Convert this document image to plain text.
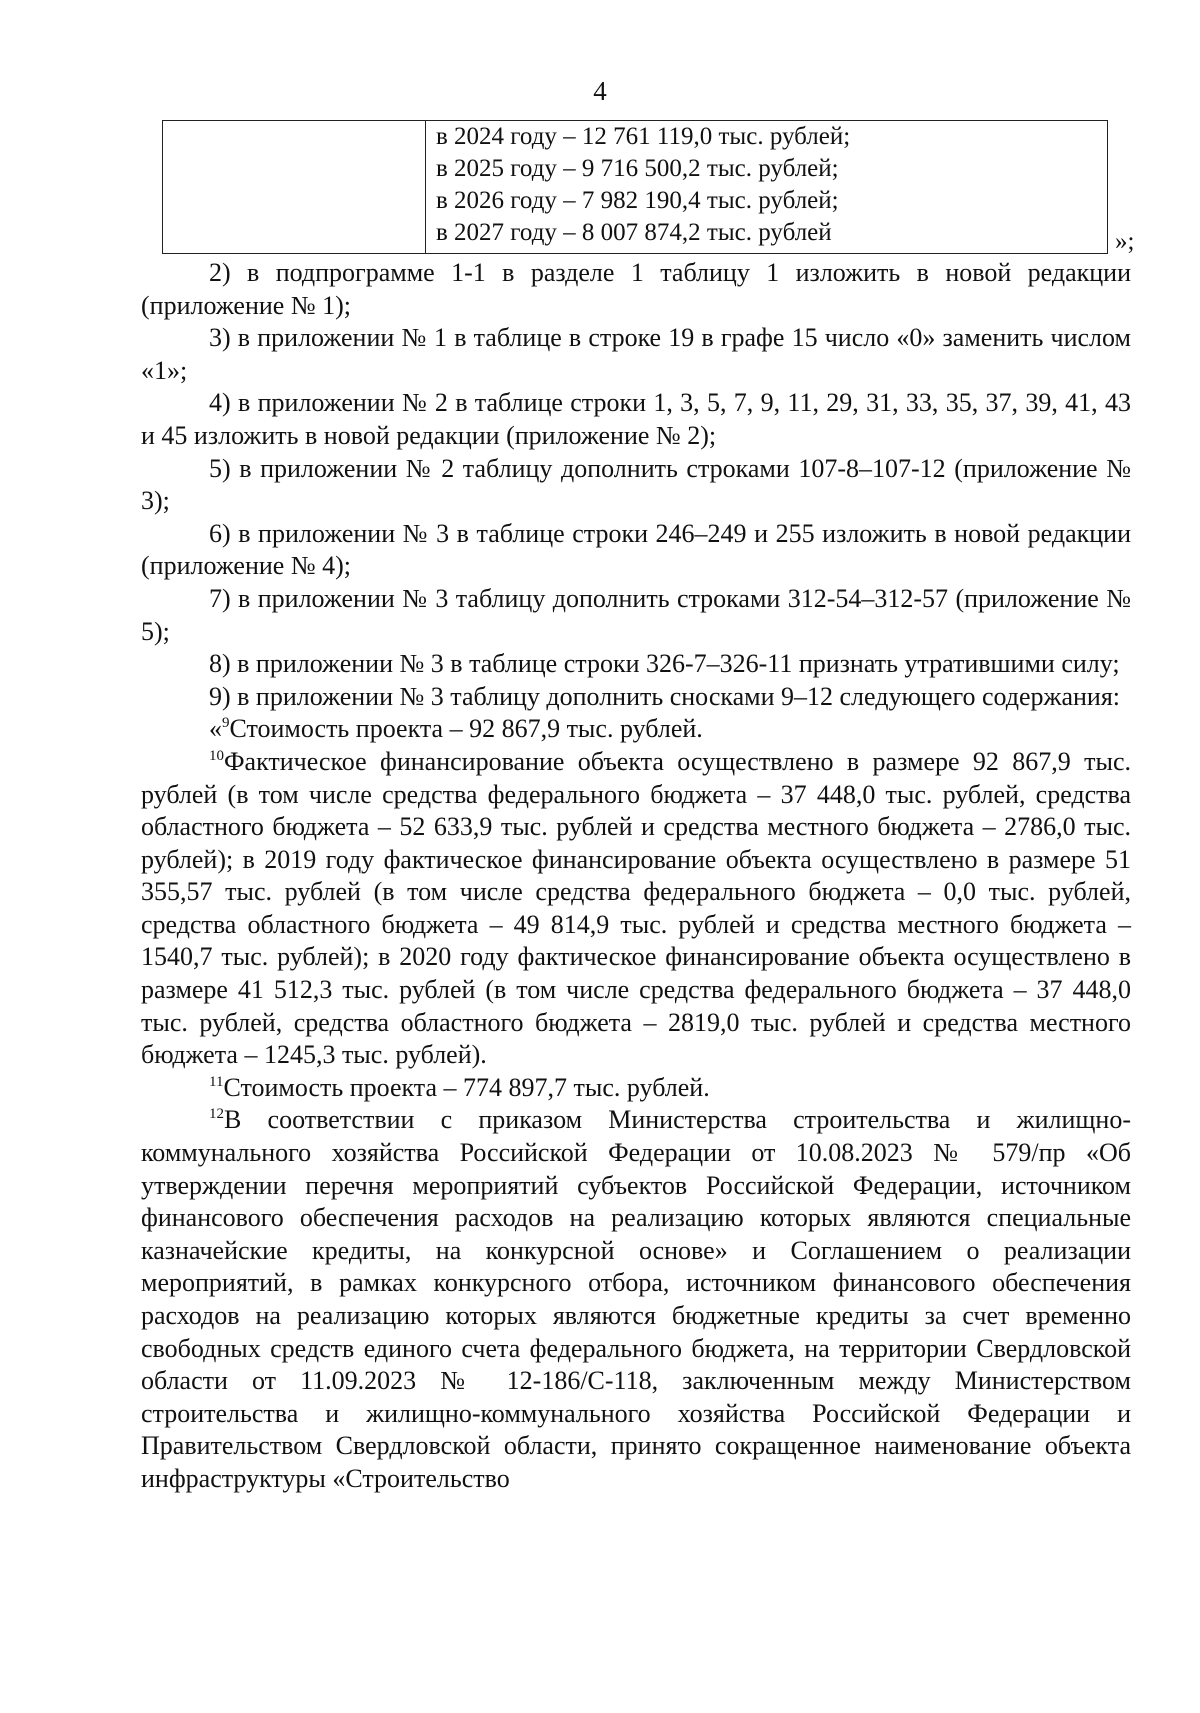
4

в 2024 году – 12 761 119,0 тыс. рублей;
в 2025 году – 9 716 500,2 тыс. рублей;
в 2026 году – 7 982 190,4 тыс. рублей;
в 2027 году – 8 007 874,2 тыс. рублей	»;

2) в подпрограмме 1-1 в разделе 1 таблицу 1 изложить в новой редакции (приложение № 1);

3) в приложении № 1 в таблице в строке 19 в графе 15 число «0» заменить числом «1»;

4) в приложении № 2 в таблице строки 1, 3, 5, 7, 9, 11, 29, 31, 33, 35, 37, 39, 41, 43 и 45 изложить в новой редакции (приложение № 2);

5) в приложении № 2 таблицу дополнить строками 107-8–107-12 (приложение № 3);

6) в приложении № 3 в таблице строки 246–249 и 255 изложить в новой редакции (приложение № 4);

7) в приложении № 3 таблицу дополнить строками 312-54–312-57 (приложение № 5);

8) в приложении № 3 в таблице строки 326-7–326-11 признать утратившими силу;

9) в приложении № 3 таблицу дополнить сносками 9–12 следующего содержания:

«$^9$Стоимость проекта – 92 867,9 тыс. рублей.

$^{10}$Фактическое финансирование объекта осуществлено в размере 92 867,9 тыс. рублей (в том числе средства федерального бюджета – 37 448,0 тыс. рублей, средства областного бюджета – 52 633,9 тыс. рублей и средства местного бюджета – 2786,0 тыс. рублей); в 2019 году фактическое финансирование объекта осуществлено в размере 51 355,57 тыс. рублей (в том числе средства федерального бюджета – 0,0 тыс. рублей, средства областного бюджета – 49 814,9 тыс. рублей и средства местного бюджета – 1540,7 тыс. рублей); в 2020 году фактическое финансирование объекта осуществлено в размере 41 512,3 тыс. рублей (в том числе средства федерального бюджета – 37 448,0 тыс. рублей, средства областного бюджета – 2819,0 тыс. рублей и средства местного бюджета – 1245,3 тыс. рублей).

$^{11}$Стоимость проекта – 774 897,7 тыс. рублей.

$^{12}$В соответствии с приказом Министерства строительства и жилищно-коммунального хозяйства Российской Федерации от 10.08.2023 № 579/пр «Об утверждении перечня мероприятий субъектов Российской Федерации, источником финансового обеспечения расходов на реализацию которых являются специальные казначейские кредиты, на конкурсной основе» и Соглашением о реализации мероприятий, в рамках конкурсного отбора, источником финансового обеспечения расходов на реализацию которых являются бюджетные кредиты за счет временно свободных средств единого счета федерального бюджета, на территории Свердловской области от 11.09.2023 № 12-186/С-118, заключенным между Министерством строительства и жилищно-коммунального хозяйства Российской Федерации и Правительством Свердловской области, принято сокращенное наименование объекта инфраструктуры «Строительство
